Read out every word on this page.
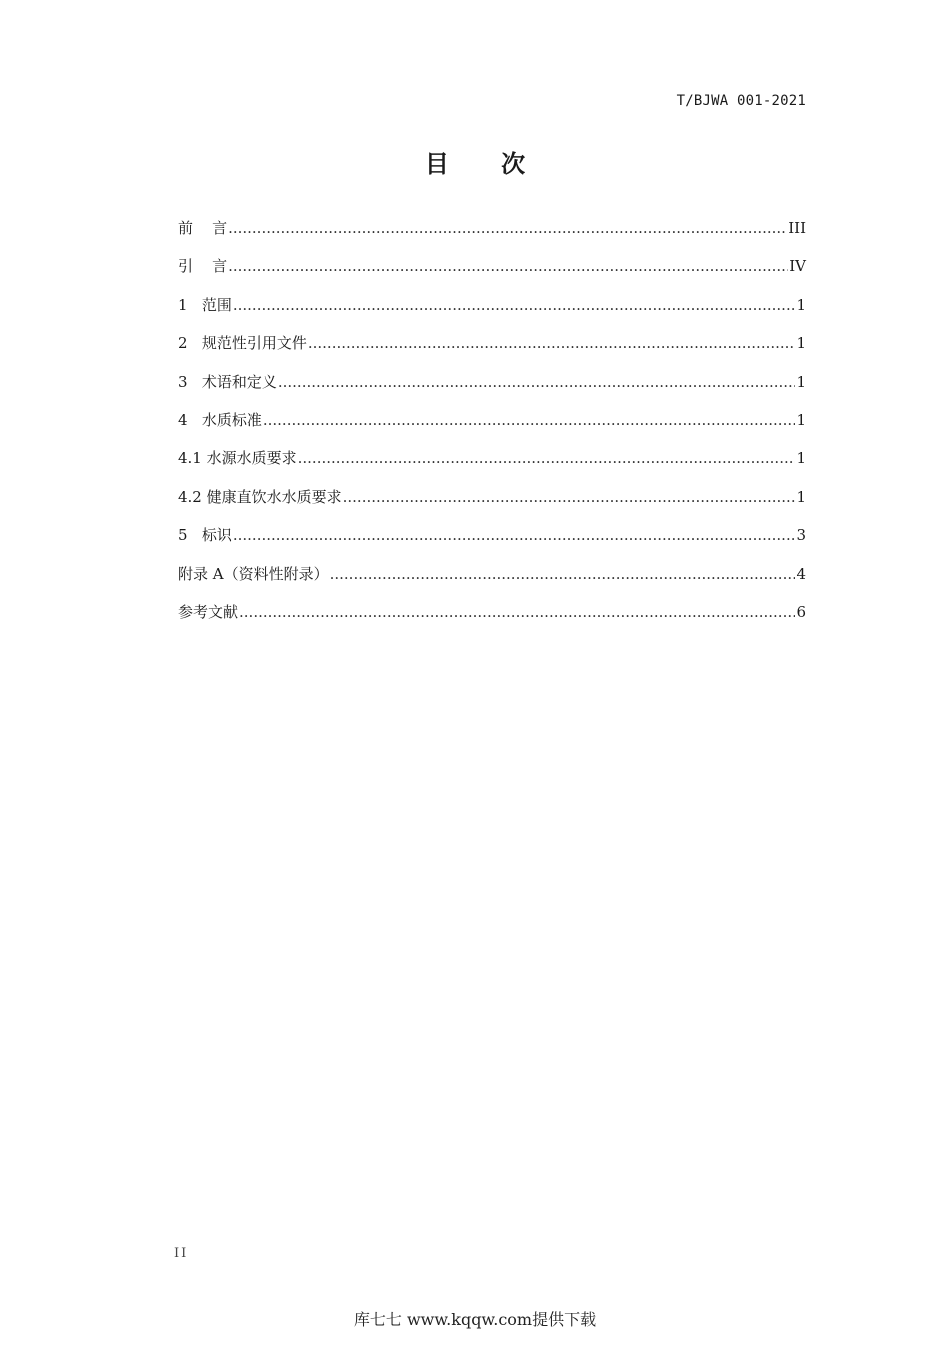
T/BJWA 001-2021
目 次
前    言 .....	III
引    言 .....	IV
1   范围 .....	1
2   规范性引用文件 .....	1
3   术语和定义 .....	1
4   水质标准 .....	1
4.1 水源水质要求 .....	1
4.2 健康直饮水水质要求 .....	1
5   标识 .....	3
附录 A（资料性附录） .....	4
参考文献 .....	6
II
库七七 www.kqqw.com提供下载
